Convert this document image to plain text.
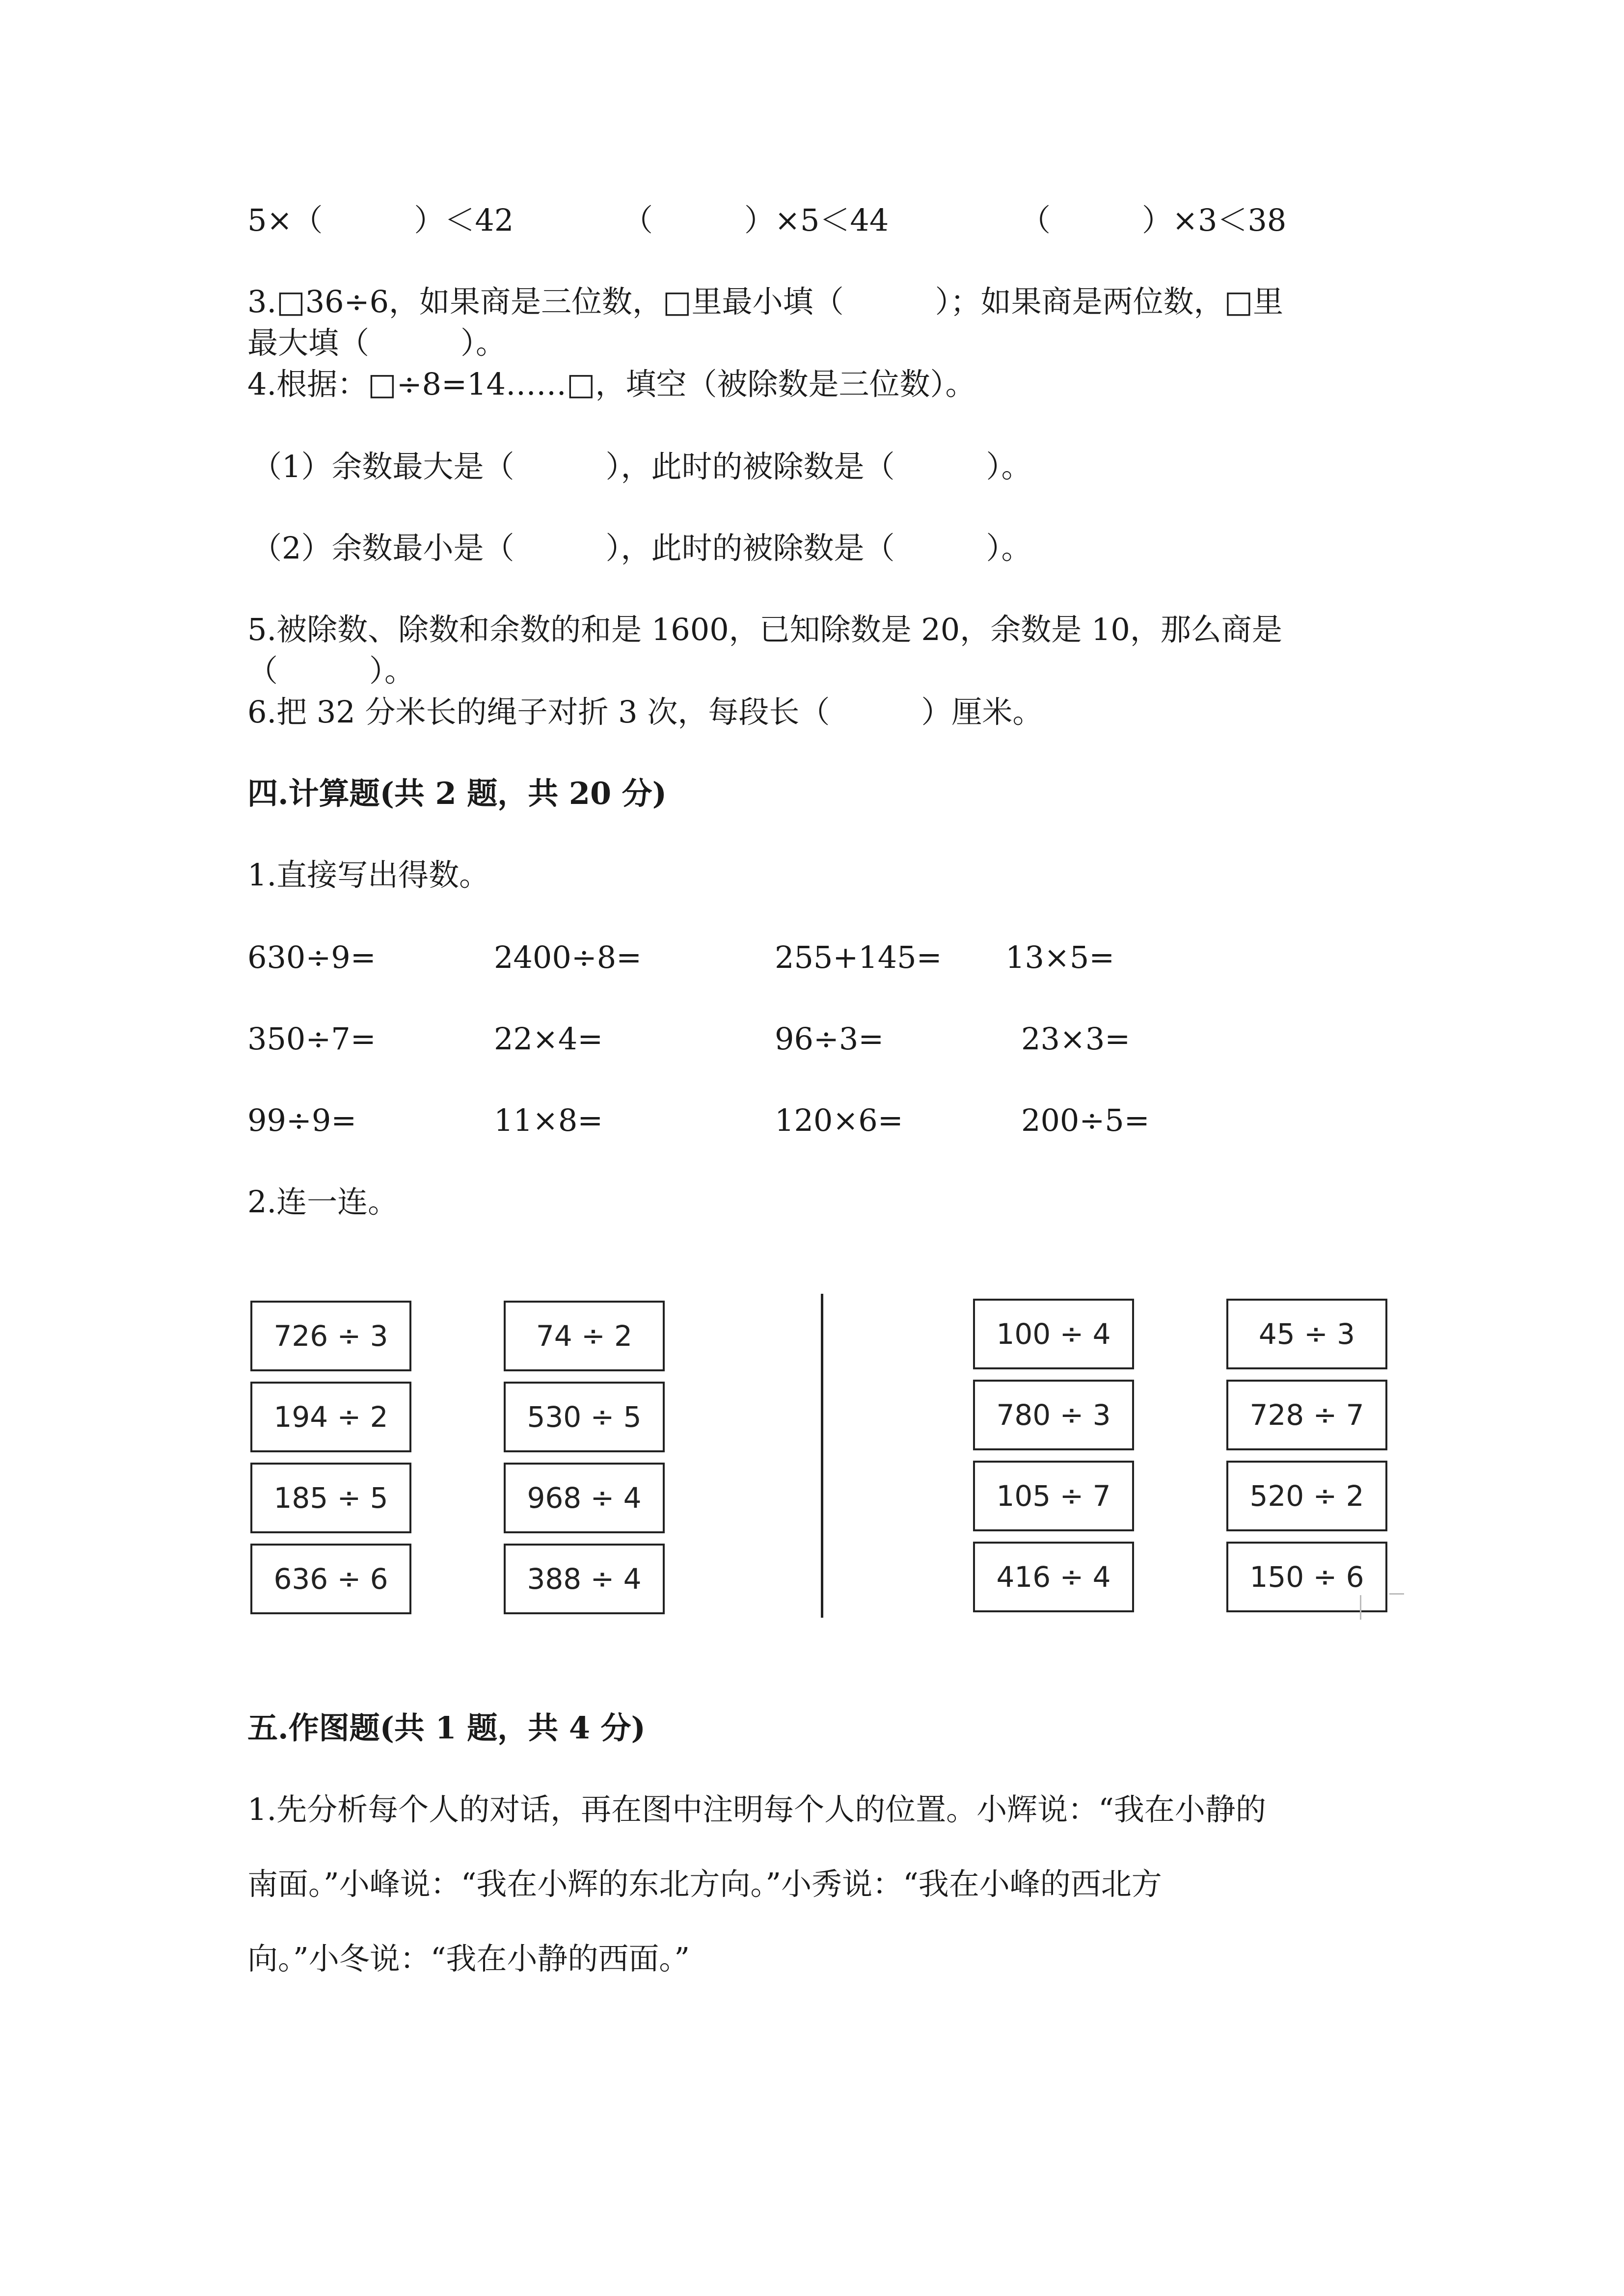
5×（　　　）＜42	（　　　）×5＜44	（　　　）×3＜38
3.□36÷6，如果商是三位数，□里最小填（　　　）；如果商是两位数，□里
最大填（　　　）。
4.根据：□÷8=14……□，填空（被除数是三位数）。
（1）余数最大是（　　　），此时的被除数是（　　　）。
（2）余数最小是（　　　），此时的被除数是（　　　）。
5.被除数、除数和余数的和是 1600，已知除数是 20，余数是 10，那么商是
（　　　）。
6.把 32 分米长的绳子对折 3 次，每段长（　　　）厘米。
四.计算题(共 2 题，共 20 分)
1.直接写出得数。
630÷9=	2400÷8=	255+145= 13×5=
350÷7=	22×4=	96÷3=	23×3=
99÷9=	11×8=	120×6=	200÷5=
2.连一连。
726 ÷ 3
194 ÷ 2
185 ÷ 5
636 ÷ 6
74 ÷ 2
530 ÷ 5
968 ÷ 4
388 ÷ 4
100 ÷ 4
780 ÷ 3
105 ÷ 7
416 ÷ 4
45 ÷ 3
728 ÷ 7
520 ÷ 2
150 ÷ 6
五.作图题(共 1 题，共 4 分)
1.先分析每个人的对话，再在图中注明每个人的位置。小辉说：“我在小静的
南面。”小峰说：“我在小辉的东北方向。”小秀说：“我在小峰的西北方
向。”小冬说：“我在小静的西面。”
